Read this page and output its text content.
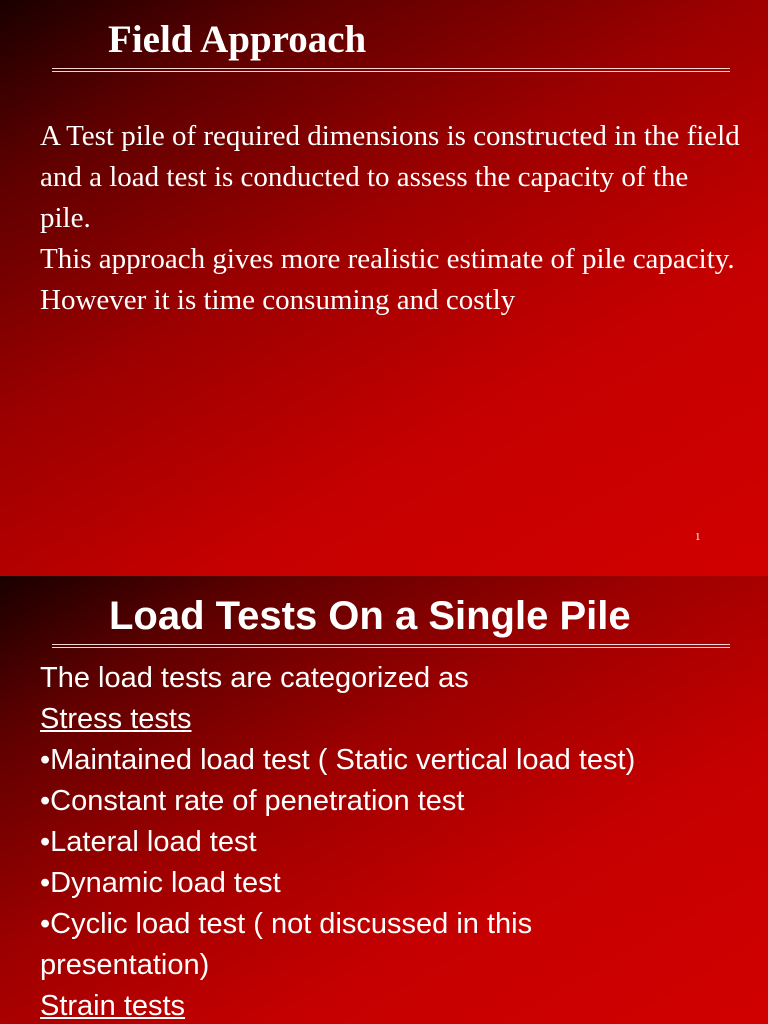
Field Approach

A Test pile of required dimensions is constructed in the field and a load test is conducted to assess the capacity of the pile.

This approach gives more realistic estimate of pile capacity. However it is time consuming and costly

1
Load Tests On a Single Pile

The load tests are categorized as

Stress tests

•Maintained load test ( Static vertical load test)

•Constant rate of penetration test

•Lateral load test

•Dynamic load test

•Cyclic load test ( not discussed in this presentation)

Strain tests
